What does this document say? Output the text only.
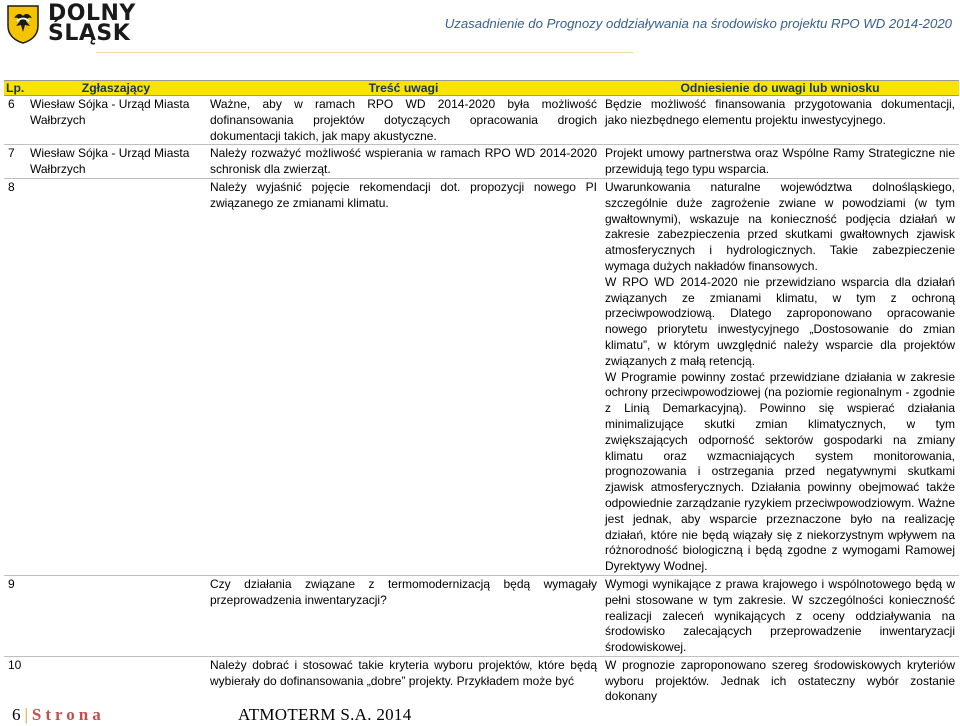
DOLNY
ŚLĄSK	Uzasadnienie do Prognozy oddziaływania na środowisko projektu RPO WD 2014-2020
Lp.	Zgłaszający	Treść uwagi	Odniesienie do uwagi lub wniosku
6	Wiesław Sójka - Urząd Miasta Wałbrzych	Ważne, aby w ramach RPO WD 2014-2020 była możliwość dofinansowania projektów dotyczących opracowania drogich dokumentacji takich, jak mapy akustyczne.	Będzie możliwość finansowania przygotowania dokumentacji, jako niezbędnego elementu projektu inwestycyjnego.

7	Wiesław Sójka - Urząd Miasta Wałbrzych	Należy rozważyć możliwość wspierania w ramach RPO WD 2014-2020 schronisk dla zwierząt.	Projekt umowy partnerstwa oraz Wspólne Ramy Strategiczne nie przewidują tego typu wsparcia.

8		Należy wyjaśnić pojęcie rekomendacji dot. propozycji nowego PI związanego ze zmianami klimatu.	Uwarunkowania naturalne województwa dolnośląskiego, szczególnie duże zagrożenie zwiane w powodziami (w tym gwałtownymi), wskazuje na konieczność podjęcia działań w zakresie zabezpieczenia przed skutkami gwałtownych zjawisk atmosferycznych i hydrologicznych. Takie zabezpieczenie wymaga dużych nakładów finansowych.
W RPO WD 2014-2020 nie przewidziano wsparcia dla działań związanych ze zmianami klimatu, w tym z ochroną przeciwpowodziową. Dlatego zaproponowano opracowanie nowego priorytetu inwestycyjnego „Dostosowanie do zmian klimatu”, w którym uwzględnić należy wsparcie dla projektów związanych z małą retencją.
W Programie powinny zostać przewidziane działania w zakresie ochrony przeciwpowodziowej (na poziomie regionalnym - zgodnie z Linią Demarkacyjną). Powinno się wspierać działania minimalizujące skutki zmian klimatycznych, w tym zwiększających odporność sektorów gospodarki na zmiany klimatu oraz wzmacniających system monitorowania, prognozowania i ostrzegania przed negatywnymi skutkami zjawisk atmosferycznych. Działania powinny obejmować także odpowiednie zarządzanie ryzykiem przeciwpowodziowym. Ważne jest jednak, aby wsparcie przeznaczone było na realizację działań, które nie będą wiązały się z niekorzystnym wpływem na różnorodność biologiczną i będą zgodne z wymogami Ramowej Dyrektywy Wodnej.

9		Czy działania związane z termomodernizacją będą wymagały przeprowadzenia inwentaryzacji?	Wymogi wynikające z prawa krajowego i wspólnotowego będą w pełni stosowane w tym zakresie. W szczególności konieczność realizacji zaleceń wynikających z oceny oddziaływania na środowisko zalecających przeprowadzenie inwentaryzacji środowiskowej.

10		Należy dobrać i stosować takie kryteria wyboru projektów, które będą wybierały do dofinansowania „dobre” projekty. Przykładem może być	W prognozie zaproponowano szereg środowiskowych kryteriów wyboru projektów. Jednak ich ostateczny wybór zostanie dokonany
6 | Strona	ATMOTERM S.A. 2014
